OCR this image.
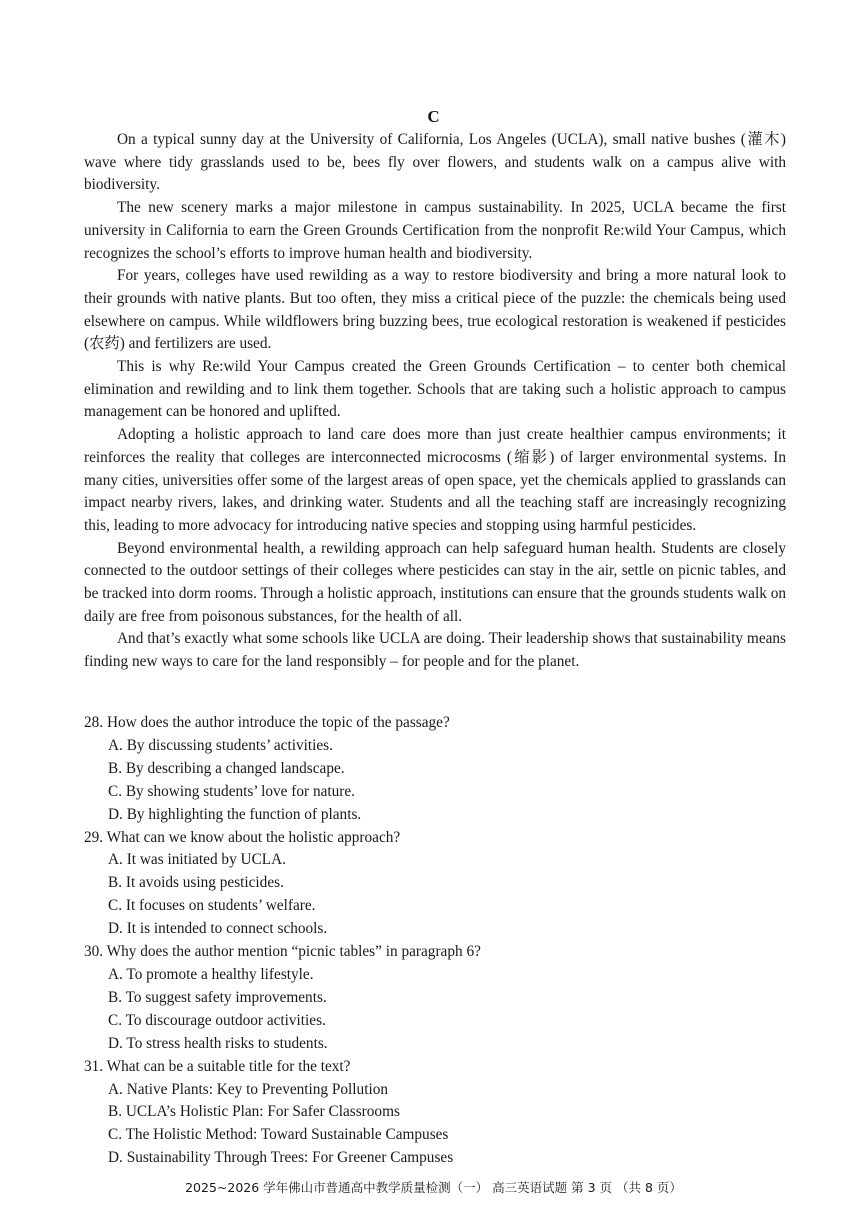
C

On a typical sunny day at the University of California, Los Angeles (UCLA), small native bushes (灌木) wave where tidy grasslands used to be, bees fly over flowers, and students walk on a campus alive with biodiversity.

The new scenery marks a major milestone in campus sustainability. In 2025, UCLA became the first university in California to earn the Green Grounds Certification from the nonprofit Re:wild Your Campus, which recognizes the school’s efforts to improve human health and biodiversity.

For years, colleges have used rewilding as a way to restore biodiversity and bring a more natural look to their grounds with native plants. But too often, they miss a critical piece of the puzzle: the chemicals being used elsewhere on campus. While wildflowers bring buzzing bees, true ecological restoration is weakened if pesticides (农药) and fertilizers are used.

This is why Re:wild Your Campus created the Green Grounds Certification – to center both chemical elimination and rewilding and to link them together. Schools that are taking such a holistic approach to campus management can be honored and uplifted.

Adopting a holistic approach to land care does more than just create healthier campus environments; it reinforces the reality that colleges are interconnected microcosms (缩影) of larger environmental systems. In many cities, universities offer some of the largest areas of open space, yet the chemicals applied to grasslands can impact nearby rivers, lakes, and drinking water. Students and all the teaching staff are increasingly recognizing this, leading to more advocacy for introducing native species and stopping using harmful pesticides.

Beyond environmental health, a rewilding approach can help safeguard human health. Students are closely connected to the outdoor settings of their colleges where pesticides can stay in the air, settle on picnic tables, and be tracked into dorm rooms. Through a holistic approach, institutions can ensure that the grounds students walk on daily are free from poisonous substances, for the health of all.

And that’s exactly what some schools like UCLA are doing. Their leadership shows that sustainability means finding new ways to care for the land responsibly – for people and for the planet.

28. How does the author introduce the topic of the passage?

A. By discussing students’ activities.

B. By describing a changed landscape.

C. By showing students’ love for nature.

D. By highlighting the function of plants.

29. What can we know about the holistic approach?

A. It was initiated by UCLA.

B. It avoids using pesticides.

C. It focuses on students’ welfare.

D. It is intended to connect schools.

30. Why does the author mention “picnic tables” in paragraph 6?

A. To promote a healthy lifestyle.

B. To suggest safety improvements.

C. To discourage outdoor activities.

D. To stress health risks to students.

31. What can be a suitable title for the text?

A. Native Plants: Key to Preventing Pollution

B. UCLA’s Holistic Plan: For Safer Classrooms

C. The Holistic Method: Toward Sustainable Campuses

D. Sustainability Through Trees: For Greener Campuses

2025~2026 学年佛山市普通高中教学质量检测（一） 高三英语试题 第 3 页 （共 8 页）
